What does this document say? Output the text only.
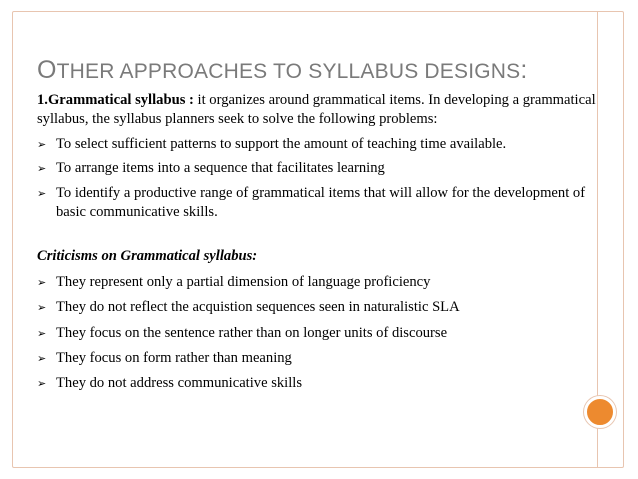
OTHER APPROACHES TO SYLLABUS DESIGNS:

1.Grammatical syllabus : it organizes around grammatical items. In developing a grammatical syllabus, the syllabus planners seek to solve the following problems:

➢ To select sufficient patterns to support the amount of teaching time available.
➢ To arrange items into a sequence that facilitates learning
➢ To identify a productive range of grammatical items that will allow for the development of basic communicative skills.

Criticisms on Grammatical syllabus:

➢ They represent only a partial dimension of language proficiency
➢ They do not reflect the acquistion sequences seen in naturalistic SLA
➢ They focus on the sentence rather than on longer units of discourse
➢ They focus on form rather than meaning
➢ They do not address communicative skills
